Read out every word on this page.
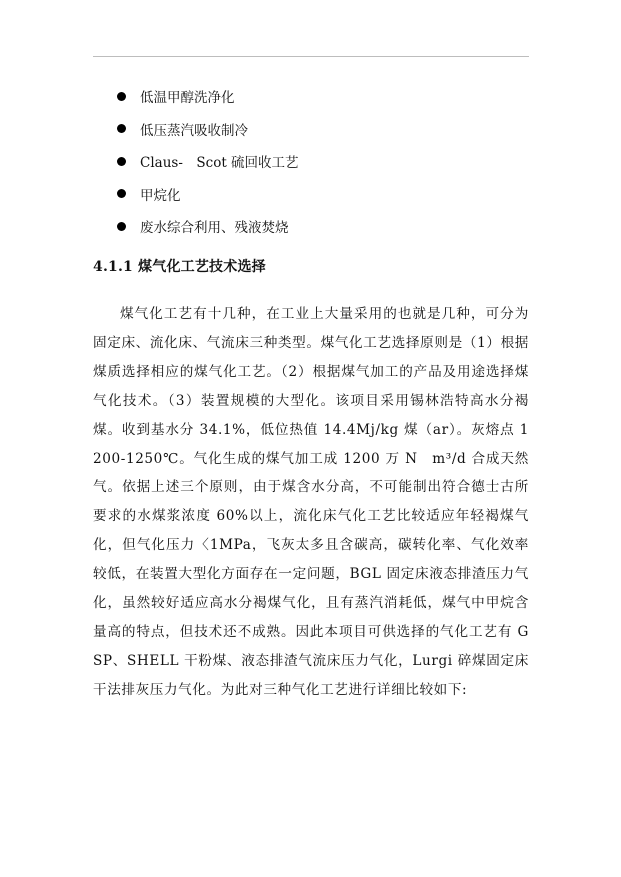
低温甲醇洗净化
低压蒸汽吸收制冷
Claus-　Scot 硫回收工艺
甲烷化
废水综合利用、残液焚烧
4.1.1 煤气化工艺技术选择

煤气化工艺有十几种，在工业上大量采用的也就是几种，可分为固定床、流化床、气流床三种类型。煤气化工艺选择原则是（1）根据煤质选择相应的煤气化工艺。（2）根据煤气加工的产品及用途选择煤气化技术。（3）装置规模的大型化。该项目采用锡林浩特高水分褐煤。收到基水分 34.1%，低位热值 14.4Mj/kg 煤（ar）。灰熔点 1200-1250℃。气化生成的煤气加工成 1200 万 N　m³/d 合成天然气。依据上述三个原则，由于煤含水分高，不可能制出符合德士古所要求的水煤浆浓度 60%以上，流化床气化工艺比较适应年轻褐煤气化，但气化压力〈1MPa，飞灰太多且含碳高，碳转化率、气化效率较低，在装置大型化方面存在一定问题，BGL 固定床液态排渣压力气化，虽然较好适应高水分褐煤气化，且有蒸汽消耗低，煤气中甲烷含量高的特点，但技术还不成熟。因此本项目可供选择的气化工艺有 GSP、SHELL 干粉煤、液态排渣气流床压力气化，Lurgi 碎煤固定床干法排灰压力气化。为此对三种气化工艺进行详细比较如下:
